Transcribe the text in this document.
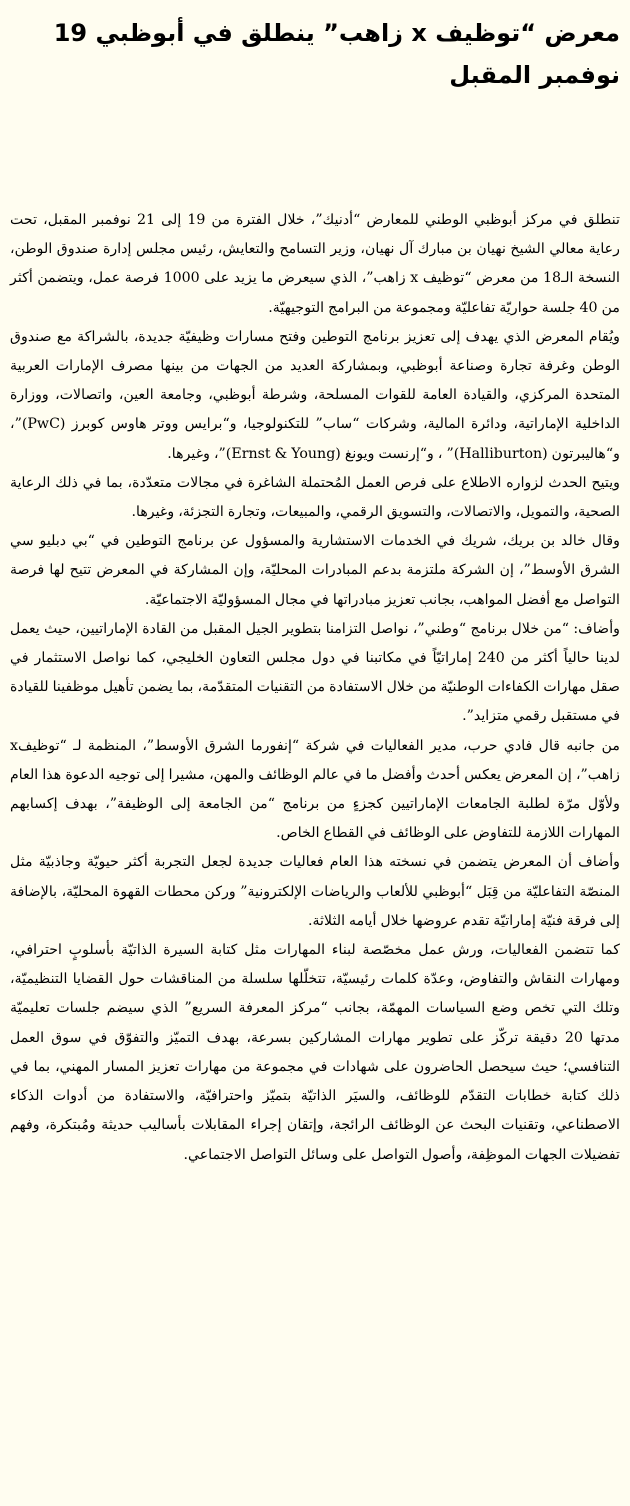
معرض “توظيف x زاهب” ينطلق في أبوظبي 19 نوفمبر المقبل

تنطلق في مركز أبوظبي الوطني للمعارض “أدنيك”، خلال الفترة من 19 إلى 21 نوفمبر المقبل، تحت رعاية معالي الشيخ نهيان بن مبارك آل نهيان، وزير التسامح والتعايش، رئيس مجلس إدارة صندوق الوطن، النسخة الـ18 من معرض “توظيف x زاهب”، الذي سيعرض ما يزيد على 1000 فرصة عمل، ويتضمن أكثر من 40 جلسة حواريّة تفاعليّة ومجموعة من البرامج التوجيهيّة.

ويُقام المعرض الذي يهدف إلى تعزيز برنامج التوطين وفتح مسارات وظيفيّة جديدة، بالشراكة مع صندوق الوطن وغرفة تجارة وصناعة أبوظبي، وبمشاركة العديد من الجهات من بينها مصرف الإمارات العربية المتحدة المركزي، والقيادة العامة للقوات المسلحة، وشرطة أبوظبي، وجامعة العين، واتصالات، ووزارة الداخلية الإماراتية، ودائرة المالية، وشركات “ساب” للتكنولوجيا، و“برايس ووتر هاوس كوبرز (PwC)”، و“هاليبرتون (Halliburton)” ، و“إرنست ويونغ (Ernst & Young)”، وغيرها.

ويتيح الحدث لزواره الاطلاع على فرص العمل المُحتملة الشاغرة في مجالات متعدّدة، بما في ذلك الرعاية الصحية، والتمويل، والاتصالات، والتسويق الرقمي، والمبيعات، وتجارة التجزئة، وغيرها.

وقال خالد بن بريك، شريك في الخدمات الاستشارية والمسؤول عن برنامج التوطين في “بي دبليو سي الشرق الأوسط”، إن الشركة ملتزمة بدعم المبادرات المحليّة، وإن المشاركة في المعرض تتيح لها فرصة التواصل مع أفضل المواهب، بجانب تعزيز مبادراتها في مجال المسؤوليّة الاجتماعيّة.

وأضاف: “من خلال برنامج “وطني”، نواصل التزامنا بتطوير الجيل المقبل من القادة الإماراتيين، حيث يعمل لدينا حالياً أكثر من 240 إماراتيّاً في مكاتبنا في دول مجلس التعاون الخليجي، كما نواصل الاستثمار في صقل مهارات الكفاءات الوطنيّة من خلال الاستفادة من التقنيات المتقدّمة، بما يضمن تأهيل موظفينا للقيادة في مستقبل رقمي متزايد”.

من جانبه قال فادي حرب، مدير الفعاليات في شركة “إنفورما الشرق الأوسط”، المنظمة لـ “توظيفx زاهب”، إن المعرض يعكس أحدث وأفضل ما في عالم الوظائف والمهن، مشيرا إلى توجيه الدعوة هذا العام ولأوّل مرّة لطلبة الجامعات الإماراتيين كجزءٍ من برنامج “من الجامعة إلى الوظيفة”، بهدف إكسابهم المهارات اللازمة للتفاوض على الوظائف في القطاع الخاص.

وأضاف أن المعرض يتضمن في نسخته هذا العام فعاليات جديدة لجعل التجربة أكثر حيويّة وجاذبيّة مثل المنصّة التفاعليّة من قِبَل “أبوظبي للألعاب والرياضات الإلكترونية” وركن محطات القهوة المحليّة، بالإضافة إلى فرقة فنيّة إماراتيّة تقدم عروضها خلال أيامه الثلاثة.

كما تتضمن الفعاليات، ورش عمل مخصّصة لبناء المهارات مثل كتابة السيرة الذاتيّة بأسلوبٍ احترافي، ومهارات النقاش والتفاوض، وعدّة كلمات رئيسيّة، تتخلّلها سلسلة من المناقشات حول القضايا التنظيميّة، وتلك التي تخص وضع السياسات المهمّة، بجانب “مركز المعرفة السريع” الذي سيضم جلسات تعليميّة مدتها 20 دقيقة تركّز على تطوير مهارات المشاركين بسرعة، بهدف التميّز والتفوّق في سوق العمل التنافسي؛ حيث سيحصل الحاضرون على شهادات في مجموعة من مهارات تعزيز المسار المهني، بما في ذلك كتابة خطابات التقدّم للوظائف، والسيَر الذاتيّة بتميّز واحترافيّة، والاستفادة من أدوات الذكاء الاصطناعي، وتقنيات البحث عن الوظائف الرائجة، وإتقان إجراء المقابلات بأساليب حديثة ومُبتكرة، وفهم تفضيلات الجهات الموظِفة، وأصول التواصل على وسائل التواصل الاجتماعي.
